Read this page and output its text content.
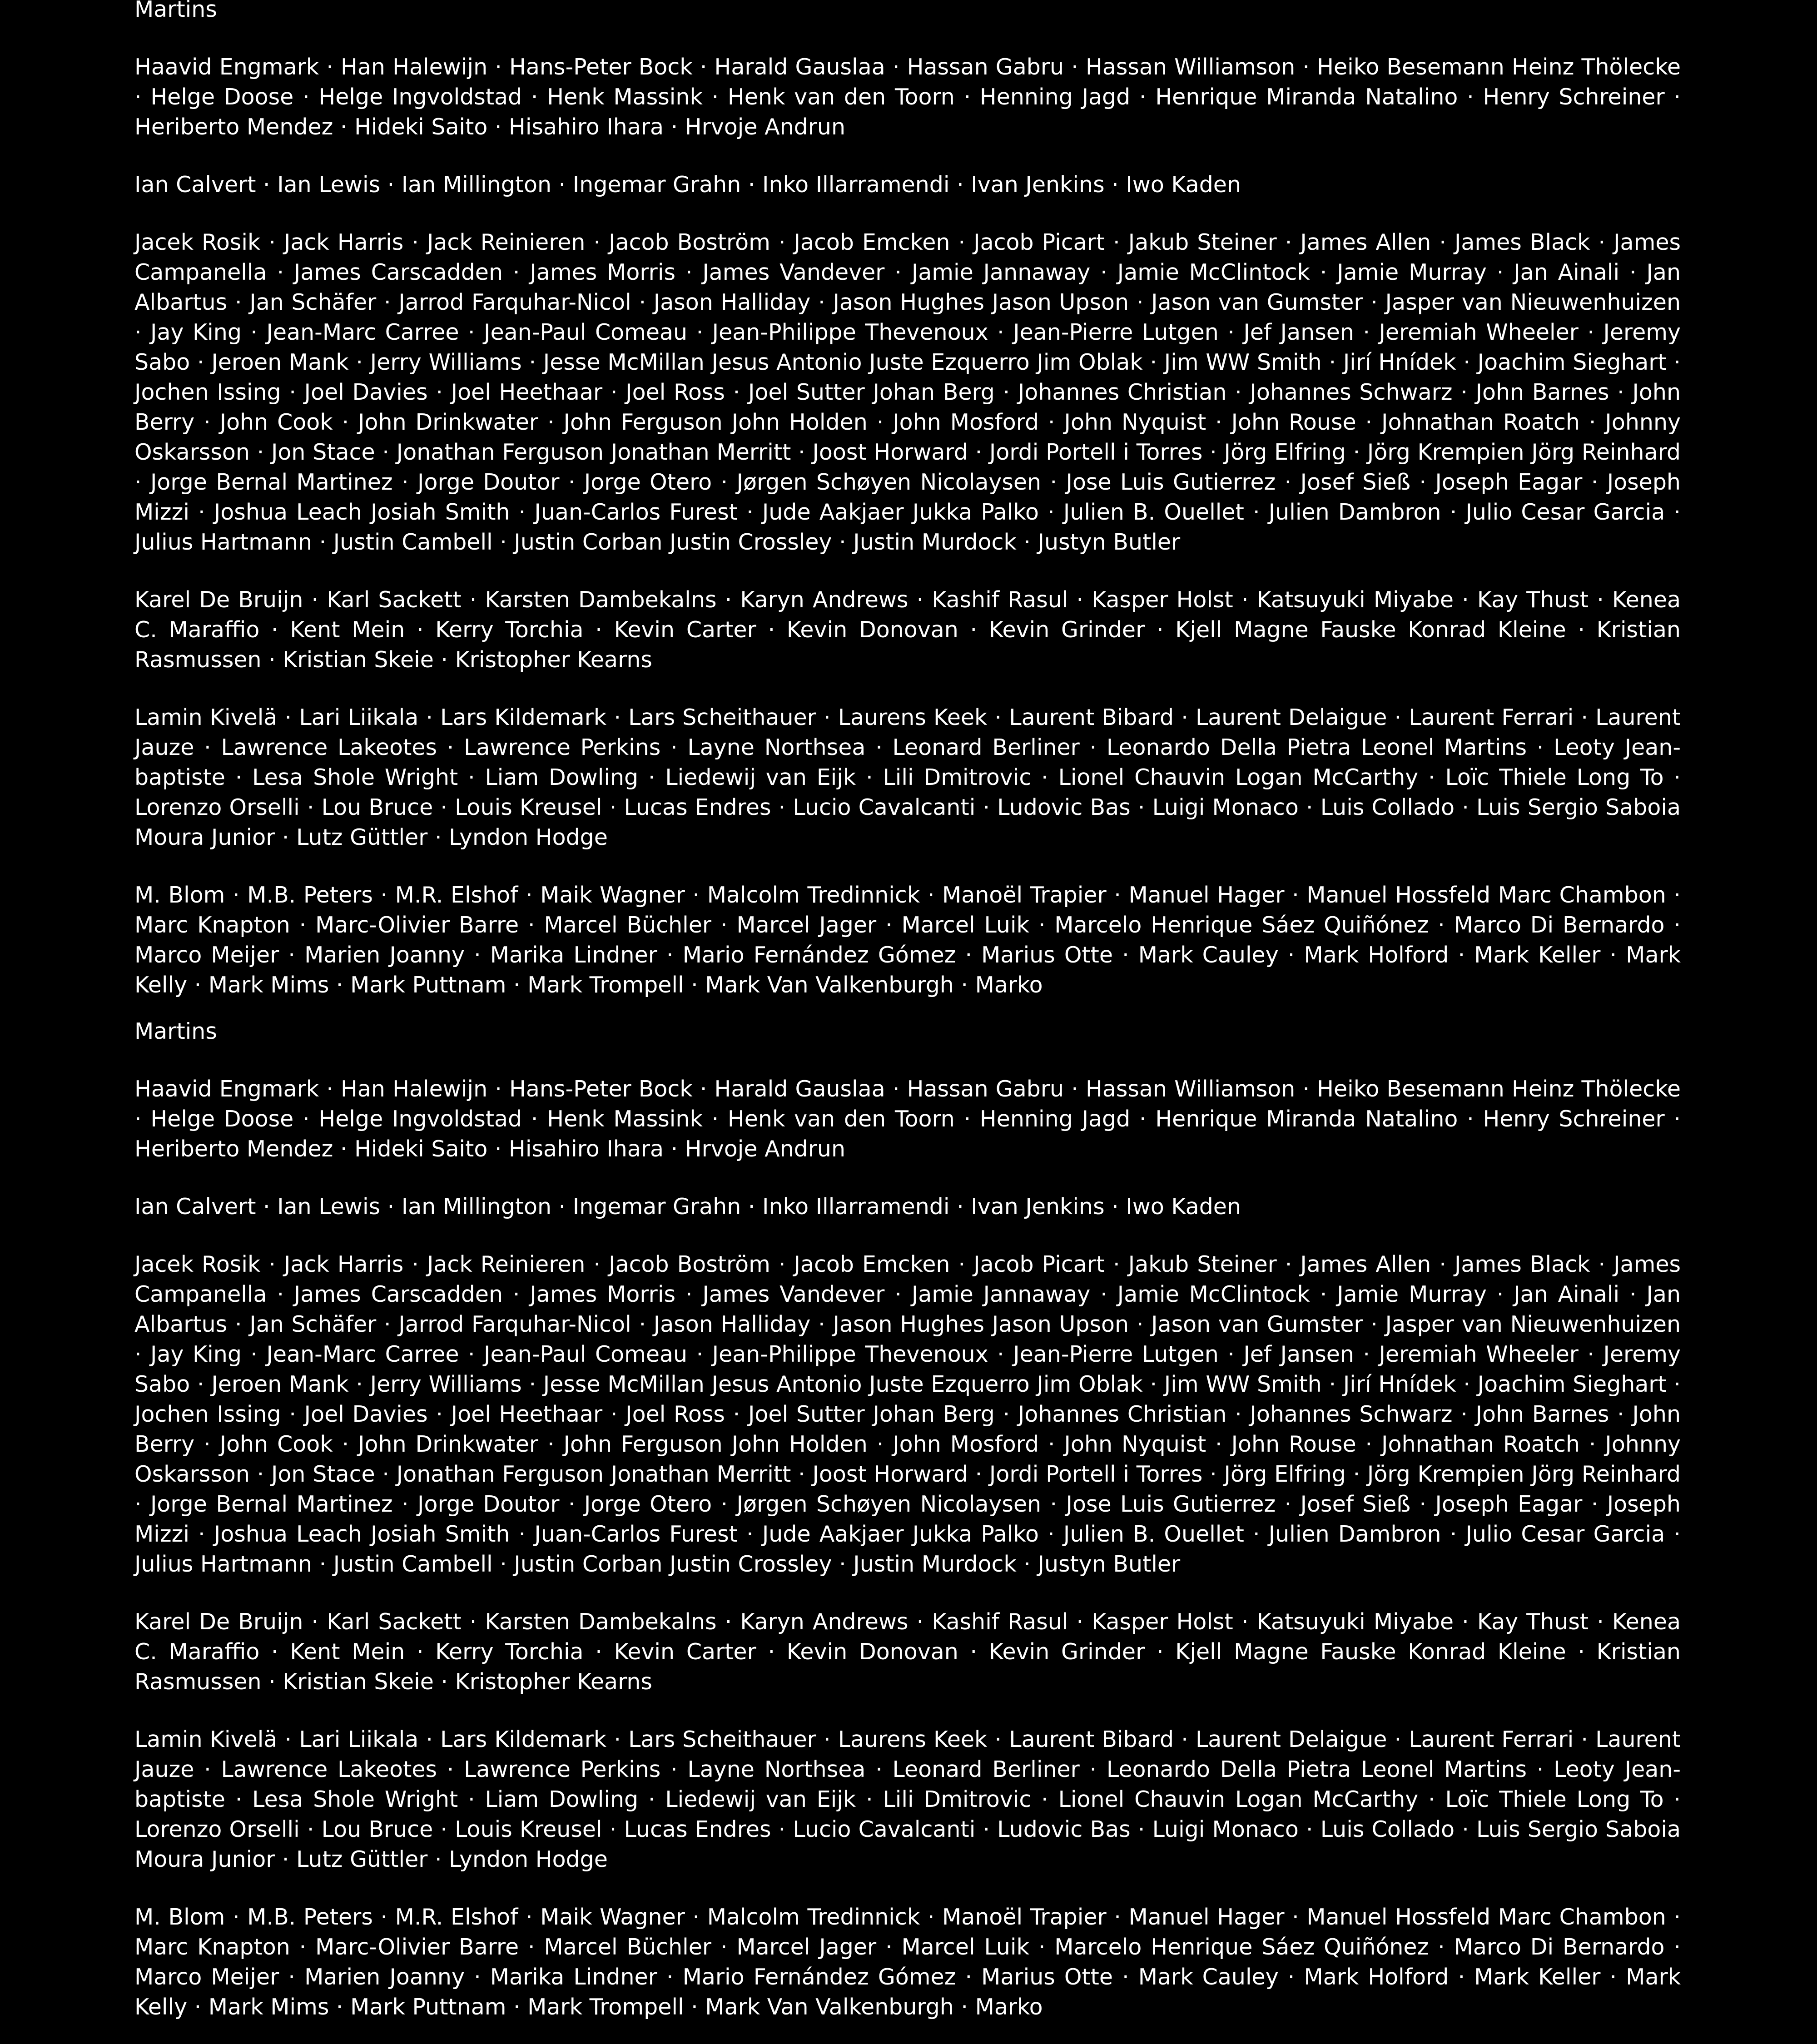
Martins

Haavid Engmark · Han Halewijn · Hans-Peter Bock · Harald Gauslaa · Hassan Gabru · Hassan Williamson · Heiko Besemann Heinz Thölecke · Helge Doose · Helge Ingvoldstad · Henk Massink · Henk van den Toorn · Henning Jagd · Henrique Miranda Natalino · Henry Schreiner · Heriberto Mendez · Hideki Saito · Hisahiro Ihara · Hrvoje Andrun

Ian Calvert · Ian Lewis · Ian Millington · Ingemar Grahn · Inko Illarramendi · Ivan Jenkins · Iwo Kaden

Jacek Rosik · Jack Harris · Jack Reinieren · Jacob Boström · Jacob Emcken · Jacob Picart · Jakub Steiner · James Allen · James Black · James Campanella · James Carscadden · James Morris · James Vandever · Jamie Jannaway · Jamie McClintock · Jamie Murray · Jan Ainali · Jan Albartus · Jan Schäfer · Jarrod Farquhar-Nicol · Jason Halliday · Jason Hughes Jason Upson · Jason van Gumster · Jasper van Nieuwenhuizen · Jay King · Jean-Marc Carree · Jean-Paul Comeau · Jean-Philippe Thevenoux · Jean-Pierre Lutgen · Jef Jansen · Jeremiah Wheeler · Jeremy Sabo · Jeroen Mank · Jerry Williams · Jesse McMillan Jesus Antonio Juste Ezquerro Jim Oblak · Jim WW Smith · Jirí Hnídek · Joachim Sieghart · Jochen Issing · Joel Davies · Joel Heethaar · Joel Ross · Joel Sutter Johan Berg · Johannes Christian · Johannes Schwarz · John Barnes · John Berry · John Cook · John Drinkwater · John Ferguson John Holden · John Mosford · John Nyquist · John Rouse · Johnathan Roatch · Johnny Oskarsson · Jon Stace · Jonathan Ferguson Jonathan Merritt · Joost Horward · Jordi Portell i Torres · Jörg Elfring · Jörg Krempien Jörg Reinhard · Jorge Bernal Martinez · Jorge Doutor · Jorge Otero · Jørgen Schøyen Nicolaysen · Jose Luis Gutierrez · Josef Sieß · Joseph Eagar · Joseph Mizzi · Joshua Leach Josiah Smith · Juan-Carlos Furest · Jude Aakjaer Jukka Palko · Julien B. Ouellet · Julien Dambron · Julio Cesar Garcia · Julius Hartmann · Justin Cambell · Justin Corban Justin Crossley · Justin Murdock · Justyn Butler

Karel De Bruijn · Karl Sackett · Karsten Dambekalns · Karyn Andrews · Kashif Rasul · Kasper Holst · Katsuyuki Miyabe · Kay Thust · Kenea C. Maraffio · Kent Mein · Kerry Torchia · Kevin Carter · Kevin Donovan · Kevin Grinder · Kjell Magne Fauske Konrad Kleine · Kristian Rasmussen · Kristian Skeie · Kristopher Kearns

Lamin Kivelä · Lari Liikala · Lars Kildemark · Lars Scheithauer · Laurens Keek · Laurent Bibard · Laurent Delaigue · Laurent Ferrari · Laurent Jauze · Lawrence Lakeotes · Lawrence Perkins · Layne Northsea · Leonard Berliner · Leonardo Della Pietra Leonel Martins · Leoty Jean-baptiste · Lesa Shole Wright · Liam Dowling · Liedewij van Eijk · Lili Dmitrovic · Lionel Chauvin Logan McCarthy · Loïc Thiele Long To · Lorenzo Orselli · Lou Bruce · Louis Kreusel · Lucas Endres · Lucio Cavalcanti · Ludovic Bas · Luigi Monaco · Luis Collado · Luis Sergio Saboia Moura Junior · Lutz Güttler · Lyndon Hodge

M. Blom · M.B. Peters · M.R. Elshof · Maik Wagner · Malcolm Tredinnick · Manoël Trapier · Manuel Hager · Manuel Hossfeld Marc Chambon · Marc Knapton · Marc-Olivier Barre · Marcel Büchler · Marcel Jager · Marcel Luik · Marcelo Henrique Sáez Quiñónez · Marco Di Bernardo · Marco Meijer · Marien Joanny · Marika Lindner · Mario Fernández Gómez · Marius Otte · Mark Cauley · Mark Holford · Mark Keller · Mark Kelly · Mark Mims · Mark Puttnam · Mark Trompell · Mark Van Valkenburgh · Marko

Martins

Haavid Engmark · Han Halewijn · Hans-Peter Bock · Harald Gauslaa · Hassan Gabru · Hassan Williamson · Heiko Besemann Heinz Thölecke · Helge Doose · Helge Ingvoldstad · Henk Massink · Henk van den Toorn · Henning Jagd · Henrique Miranda Natalino · Henry Schreiner · Heriberto Mendez · Hideki Saito · Hisahiro Ihara · Hrvoje Andrun

Ian Calvert · Ian Lewis · Ian Millington · Ingemar Grahn · Inko Illarramendi · Ivan Jenkins · Iwo Kaden

Jacek Rosik · Jack Harris · Jack Reinieren · Jacob Boström · Jacob Emcken · Jacob Picart · Jakub Steiner · James Allen · James Black · James Campanella · James Carscadden · James Morris · James Vandever · Jamie Jannaway · Jamie McClintock · Jamie Murray · Jan Ainali · Jan Albartus · Jan Schäfer · Jarrod Farquhar-Nicol · Jason Halliday · Jason Hughes Jason Upson · Jason van Gumster · Jasper van Nieuwenhuizen · Jay King · Jean-Marc Carree · Jean-Paul Comeau · Jean-Philippe Thevenoux · Jean-Pierre Lutgen · Jef Jansen · Jeremiah Wheeler · Jeremy Sabo · Jeroen Mank · Jerry Williams · Jesse McMillan Jesus Antonio Juste Ezquerro Jim Oblak · Jim WW Smith · Jirí Hnídek · Joachim Sieghart · Jochen Issing · Joel Davies · Joel Heethaar · Joel Ross · Joel Sutter Johan Berg · Johannes Christian · Johannes Schwarz · John Barnes · John Berry · John Cook · John Drinkwater · John Ferguson John Holden · John Mosford · John Nyquist · John Rouse · Johnathan Roatch · Johnny Oskarsson · Jon Stace · Jonathan Ferguson Jonathan Merritt · Joost Horward · Jordi Portell i Torres · Jörg Elfring · Jörg Krempien Jörg Reinhard · Jorge Bernal Martinez · Jorge Doutor · Jorge Otero · Jørgen Schøyen Nicolaysen · Jose Luis Gutierrez · Josef Sieß · Joseph Eagar · Joseph Mizzi · Joshua Leach Josiah Smith · Juan-Carlos Furest · Jude Aakjaer Jukka Palko · Julien B. Ouellet · Julien Dambron · Julio Cesar Garcia · Julius Hartmann · Justin Cambell · Justin Corban Justin Crossley · Justin Murdock · Justyn Butler

Karel De Bruijn · Karl Sackett · Karsten Dambekalns · Karyn Andrews · Kashif Rasul · Kasper Holst · Katsuyuki Miyabe · Kay Thust · Kenea C. Maraffio · Kent Mein · Kerry Torchia · Kevin Carter · Kevin Donovan · Kevin Grinder · Kjell Magne Fauske Konrad Kleine · Kristian Rasmussen · Kristian Skeie · Kristopher Kearns

Lamin Kivelä · Lari Liikala · Lars Kildemark · Lars Scheithauer · Laurens Keek · Laurent Bibard · Laurent Delaigue · Laurent Ferrari · Laurent Jauze · Lawrence Lakeotes · Lawrence Perkins · Layne Northsea · Leonard Berliner · Leonardo Della Pietra Leonel Martins · Leoty Jean-baptiste · Lesa Shole Wright · Liam Dowling · Liedewij van Eijk · Lili Dmitrovic · Lionel Chauvin Logan McCarthy · Loïc Thiele Long To · Lorenzo Orselli · Lou Bruce · Louis Kreusel · Lucas Endres · Lucio Cavalcanti · Ludovic Bas · Luigi Monaco · Luis Collado · Luis Sergio Saboia Moura Junior · Lutz Güttler · Lyndon Hodge

M. Blom · M.B. Peters · M.R. Elshof · Maik Wagner · Malcolm Tredinnick · Manoël Trapier · Manuel Hager · Manuel Hossfeld Marc Chambon · Marc Knapton · Marc-Olivier Barre · Marcel Büchler · Marcel Jager · Marcel Luik · Marcelo Henrique Sáez Quiñónez · Marco Di Bernardo · Marco Meijer · Marien Joanny · Marika Lindner · Mario Fernández Gómez · Marius Otte · Mark Cauley · Mark Holford · Mark Keller · Mark Kelly · Mark Mims · Mark Puttnam · Mark Trompell · Mark Van Valkenburgh · Marko
